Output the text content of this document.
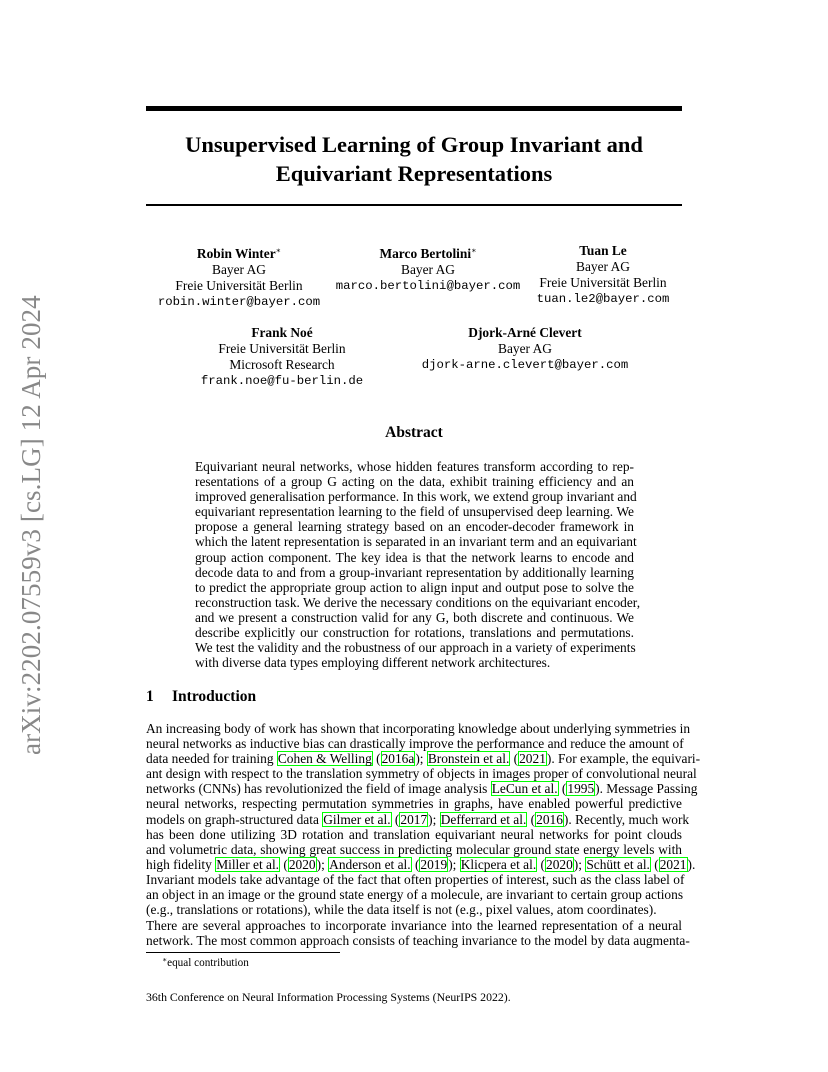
arXiv:2202.07559v3 [cs.LG] 12 Apr 2024
Unsupervised Learning of Group Invariant and
Equivariant Representations
Robin Winter∗
Bayer AG
Freie Universität Berlin
robin.winter@bayer.com
Marco Bertolini∗
Bayer AG
marco.bertolini@bayer.com
Tuan Le
Bayer AG
Freie Universität Berlin
tuan.le2@bayer.com
Frank Noé
Freie Universität Berlin
Microsoft Research
frank.noe@fu-berlin.de
Djork-Arné Clevert
Bayer AG
djork-arne.clevert@bayer.com
Abstract
Equivariant neural networks, whose hidden features transform according to rep-
resentations of a group G acting on the data, exhibit training efficiency and an
improved generalisation performance. In this work, we extend group invariant and
equivariant representation learning to the field of unsupervised deep learning. We
propose a general learning strategy based on an encoder-decoder framework in
which the latent representation is separated in an invariant term and an equivariant
group action component. The key idea is that the network learns to encode and
decode data to and from a group-invariant representation by additionally learning
to predict the appropriate group action to align input and output pose to solve the
reconstruction task. We derive the necessary conditions on the equivariant encoder,
and we present a construction valid for any G, both discrete and continuous. We
describe explicitly our construction for rotations, translations and permutations.
We test the validity and the robustness of our approach in a variety of experiments
with diverse data types employing different network architectures.
1 Introduction
An increasing body of work has shown that incorporating knowledge about underlying symmetries in
neural networks as inductive bias can drastically improve the performance and reduce the amount of
data needed for training Cohen & Welling (2016a); Bronstein et al. (2021). For example, the equivari-
ant design with respect to the translation symmetry of objects in images proper of convolutional neural
networks (CNNs) has revolutionized the field of image analysis LeCun et al. (1995). Message Passing
neural networks, respecting permutation symmetries in graphs, have enabled powerful predictive
models on graph-structured data Gilmer et al. (2017); Defferrard et al. (2016). Recently, much work
has been done utilizing 3D rotation and translation equivariant neural networks for point clouds
and volumetric data, showing great success in predicting molecular ground state energy levels with
high fidelity Miller et al. (2020); Anderson et al. (2019); Klicpera et al. (2020); Schütt et al. (2021).
Invariant models take advantage of the fact that often properties of interest, such as the class label of
an object in an image or the ground state energy of a molecule, are invariant to certain group actions
(e.g., translations or rotations), while the data itself is not (e.g., pixel values, atom coordinates).
There are several approaches to incorporate invariance into the learned representation of a neural
network. The most common approach consists of teaching invariance to the model by data augmenta-
∗equal contribution
36th Conference on Neural Information Processing Systems (NeurIPS 2022).
